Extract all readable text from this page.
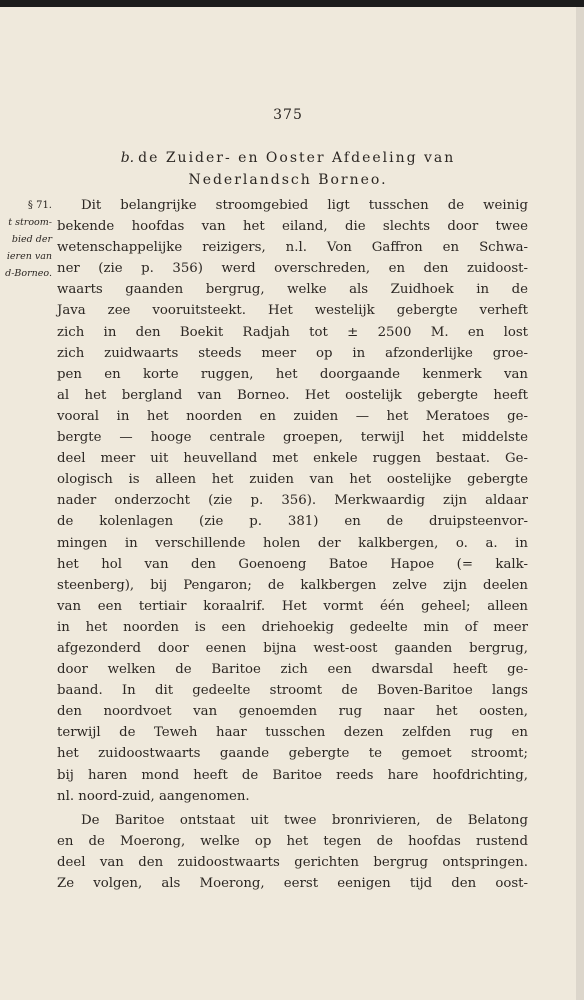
375
b. de Zuider- en Ooster Afdeeling van
Nederlandsch Borneo.
§ 71.
t stroom-
bied der
ieren van
d-Borneo.
Dit belangrijke stroomgebied ligt tusschen de weinig
bekende hoofdas van het eiland, die slechts door twee
wetenschappelijke reizigers, n.l. Von Gaffron en Schwa-
ner (zie p. 356) werd overschreden, en den zuidoost-
waarts gaanden bergrug, welke als Zuidhoek in de
Java zee vooruitsteekt. Het westelijk gebergte verheft
zich in den Boekit Radjah tot ± 2500 M. en lost
zich zuidwaarts steeds meer op in afzonderlijke groe-
pen en korte ruggen, het doorgaande kenmerk van
al het bergland van Borneo. Het oostelijk gebergte heeft
vooral in het noorden en zuiden — het Meratoes ge-
bergte — hooge centrale groepen, terwijl het middelste
deel meer uit heuvelland met enkele ruggen bestaat. Ge-
ologisch is alleen het zuiden van het oostelijke gebergte
nader onderzocht (zie p. 356). Merkwaardig zijn aldaar
de kolenlagen (zie p. 381) en de druipsteenvor-
mingen in verschillende holen der kalkbergen, o. a. in
het hol van den Goenoeng Batoe Hapoe (= kalk-
steenberg), bij Pengaron; de kalkbergen zelve zijn deelen
van een tertiair koraalrif. Het vormt één geheel; alleen
in het noorden is een driehoekig gedeelte min of meer
afgezonderd door eenen bijna west-oost gaanden bergrug,
door welken de Baritoe zich een dwarsdal heeft ge-
baand. In dit gedeelte stroomt de Boven-Baritoe langs
den noordvoet van genoemden rug naar het oosten,
terwijl de Teweh haar tusschen dezen zelfden rug en
het zuidoostwaarts gaande gebergte te gemoet stroomt;
bij haren mond heeft de Baritoe reeds hare hoofdrichting,
nl. noord-zuid, aangenomen.
De Baritoe ontstaat uit twee bronrivieren, de Belatong
en de Moerong, welke op het tegen de hoofdas rustend
deel van den zuidoostwaarts gerichten bergrug ontspringen.
Ze volgen, als Moerong, eerst eenigen tijd den oost-
